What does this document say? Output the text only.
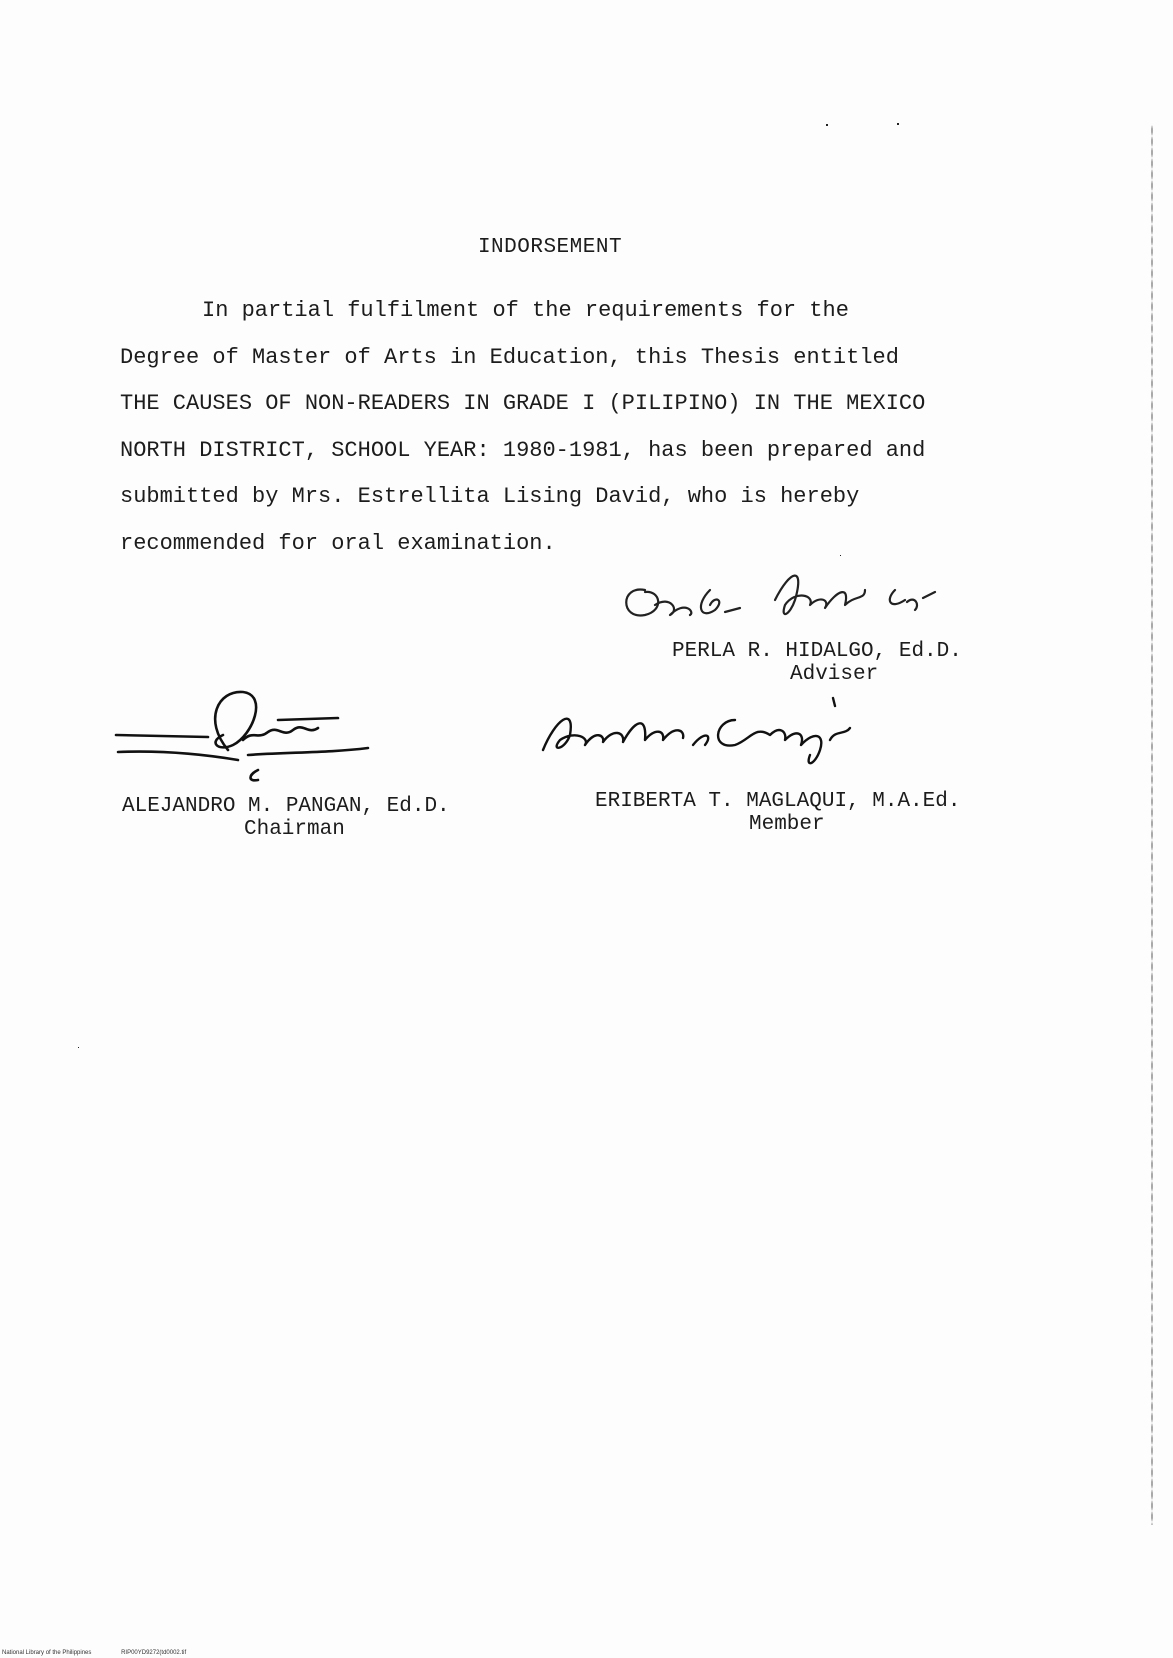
INDORSEMENT

In partial fulfilment of the requirements for the

Degree of Master of Arts in Education, this Thesis entitled

THE CAUSES OF NON-READERS IN GRADE I (PILIPINO) IN THE MEXICO

NORTH DISTRICT, SCHOOL YEAR: 1980-1981, has been prepared and

submitted by Mrs. Estrellita Lising David, who is hereby

recommended for oral examination.

PERLA R. HIDALGO, Ed.D.
Adviser
ALEJANDRO M. PANGAN, Ed.D.
Chairman
ERIBERTA T. MAGLAQUI, M.A.Ed.
Member
National Library of the Philippines	RIP00YD9272(td0002.tif
